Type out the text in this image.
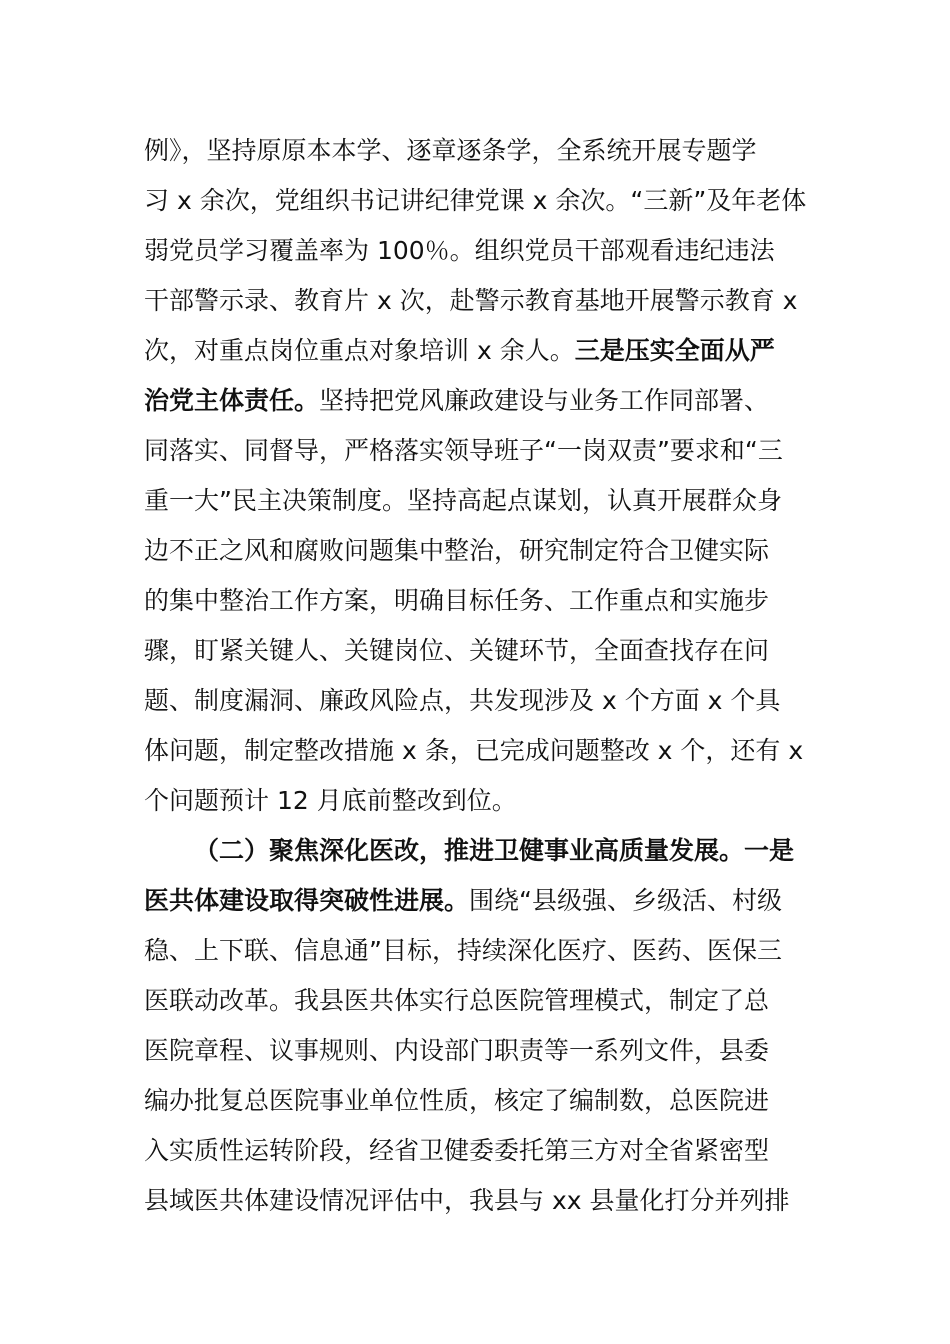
例》，坚持原原本本学、逐章逐条学，全系统开展专题学
习 x 余次，党组织书记讲纪律党课 x 余次。“三新”及年老体
弱党员学习覆盖率为 100％。组织党员干部观看违纪违法
干部警示录、教育片 x 次，赴警示教育基地开展警示教育 x
次，对重点岗位重点对象培训 x 余人。三是压实全面从严
治党主体责任。坚持把党风廉政建设与业务工作同部署、
同落实、同督导，严格落实领导班子“一岗双责”要求和“三
重一大”民主决策制度。坚持高起点谋划，认真开展群众身
边不正之风和腐败问题集中整治，研究制定符合卫健实际
的集中整治工作方案，明确目标任务、工作重点和实施步
骤，盯紧关键人、关键岗位、关键环节，全面查找存在问
题、制度漏洞、廉政风险点，共发现涉及 x 个方面 x 个具
体问题，制定整改措施 x 条，已完成问题整改 x 个，还有 x
个问题预计 12 月底前整改到位。
（二）聚焦深化医改，推进卫健事业高质量发展。一是
医共体建设取得突破性进展。围绕“县级强、乡级活、村级
稳、上下联、信息通”目标，持续深化医疗、医药、医保三
医联动改革。我县医共体实行总医院管理模式，制定了总
医院章程、议事规则、内设部门职责等一系列文件，县委
编办批复总医院事业单位性质，核定了编制数，总医院进
入实质性运转阶段，经省卫健委委托第三方对全省紧密型
县域医共体建设情况评估中，我县与 xx 县量化打分并列排
